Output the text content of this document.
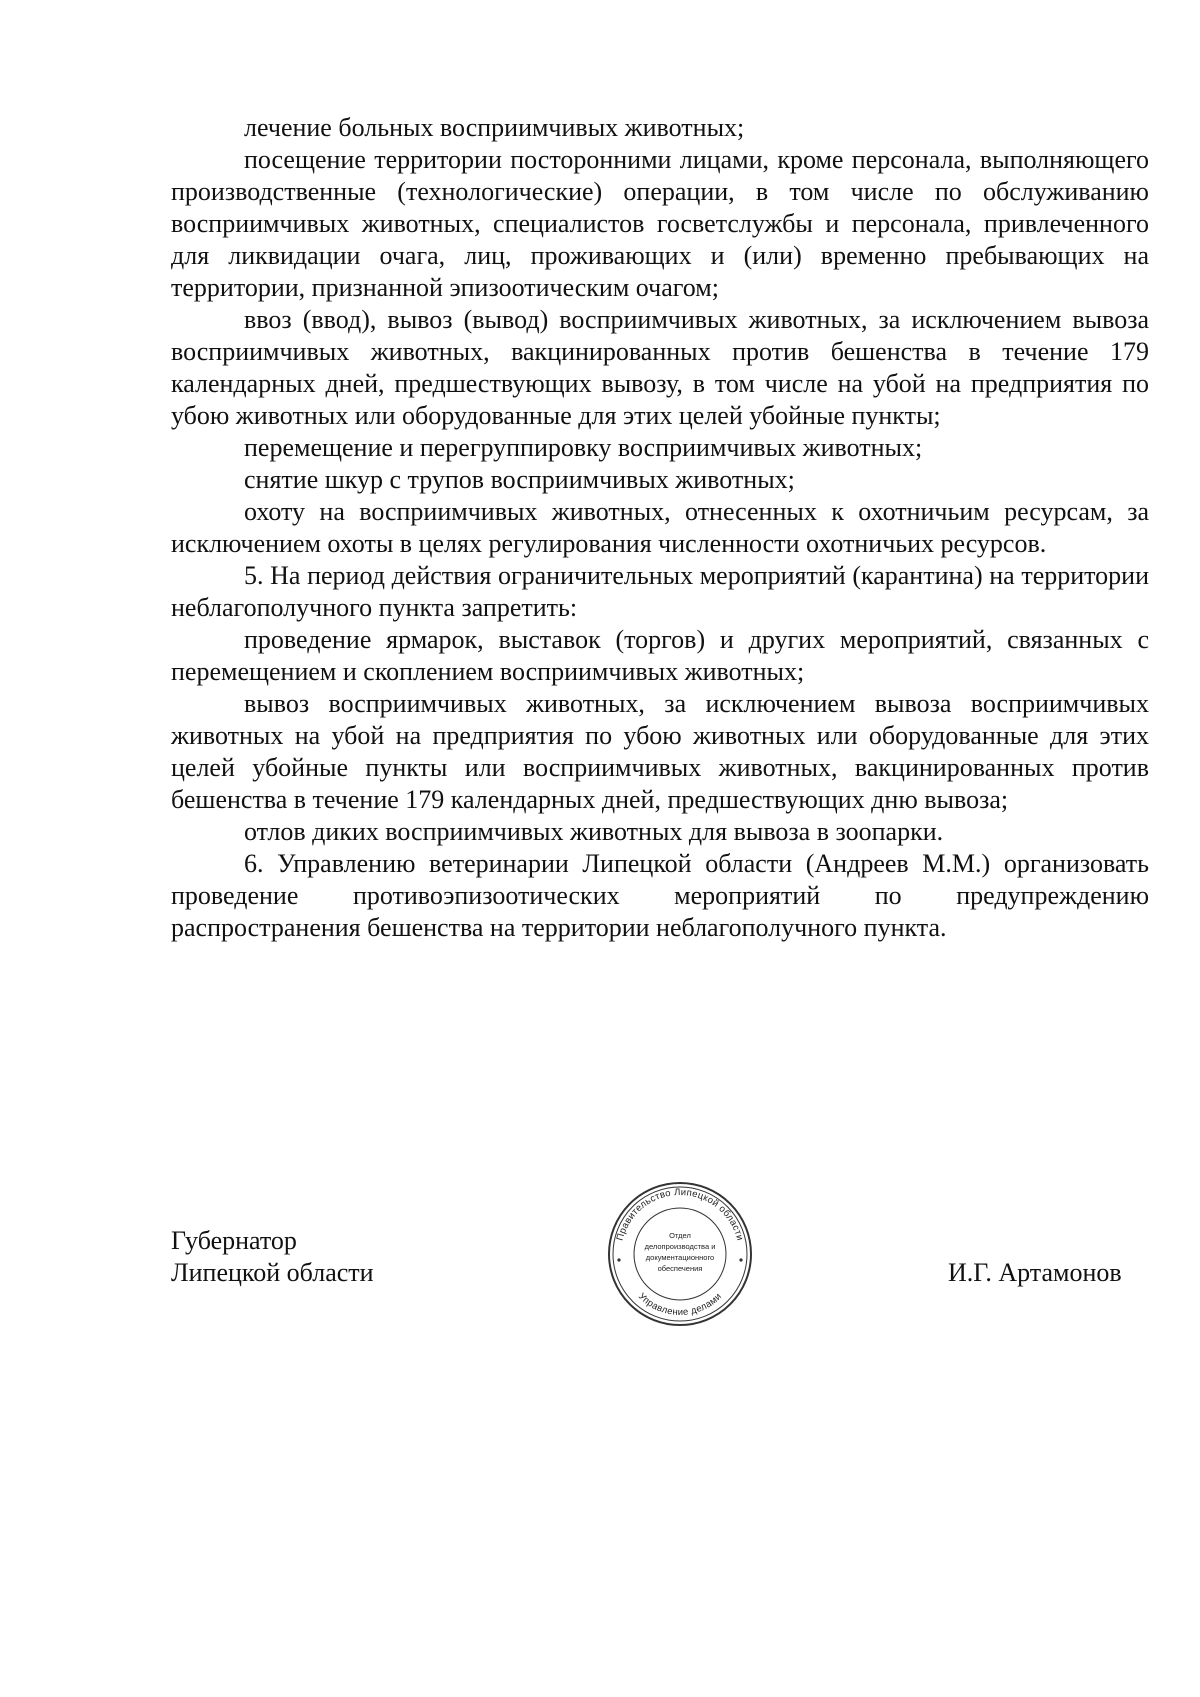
лечение больных восприимчивых животных;

посещение территории посторонними лицами, кроме персонала, выполняющего производственные (технологические) операции, в том числе по обслуживанию восприимчивых животных, специалистов госветслужбы и персонала, привлеченного для ликвидации очага, лиц, проживающих и (или) временно пребывающих на территории, признанной эпизоотическим очагом;

ввоз (ввод), вывоз (вывод) восприимчивых животных, за исключением вывоза восприимчивых животных, вакцинированных против бешенства в течение 179 календарных дней, предшествующих вывозу, в том числе на убой на предприятия по убою животных или оборудованные для этих целей убойные пункты;

перемещение и перегруппировку восприимчивых животных;

снятие шкур с трупов восприимчивых животных;

охоту на восприимчивых животных, отнесенных к охотничьим ресурсам, за исключением охоты в целях регулирования численности охотничьих ресурсов.

5. На период действия ограничительных мероприятий (карантина) на территории неблагополучного пункта запретить:

проведение ярмарок, выставок (торгов) и других мероприятий, связанных с перемещением и скоплением восприимчивых животных;

вывоз восприимчивых животных, за исключением вывоза восприимчивых животных на убой на предприятия по убою животных или оборудованные для этих целей убойные пункты или восприимчивых животных, вакцинированных против бешенства в течение 179 календарных дней, предшествующих дню вывоза;

отлов диких восприимчивых животных для вывоза в зоопарки.

6. Управлению ветеринарии Липецкой области (Андреев М.М.) организовать проведение противоэпизоотических мероприятий по предупреждению распространения бешенства на территории неблагополучного пункта.

Губернатор
Липецкой области
Правительство Липецкой области
Управление делами
Отдел
делопроизводства и
документационного
обеспечения	И.Г. Артамонов
